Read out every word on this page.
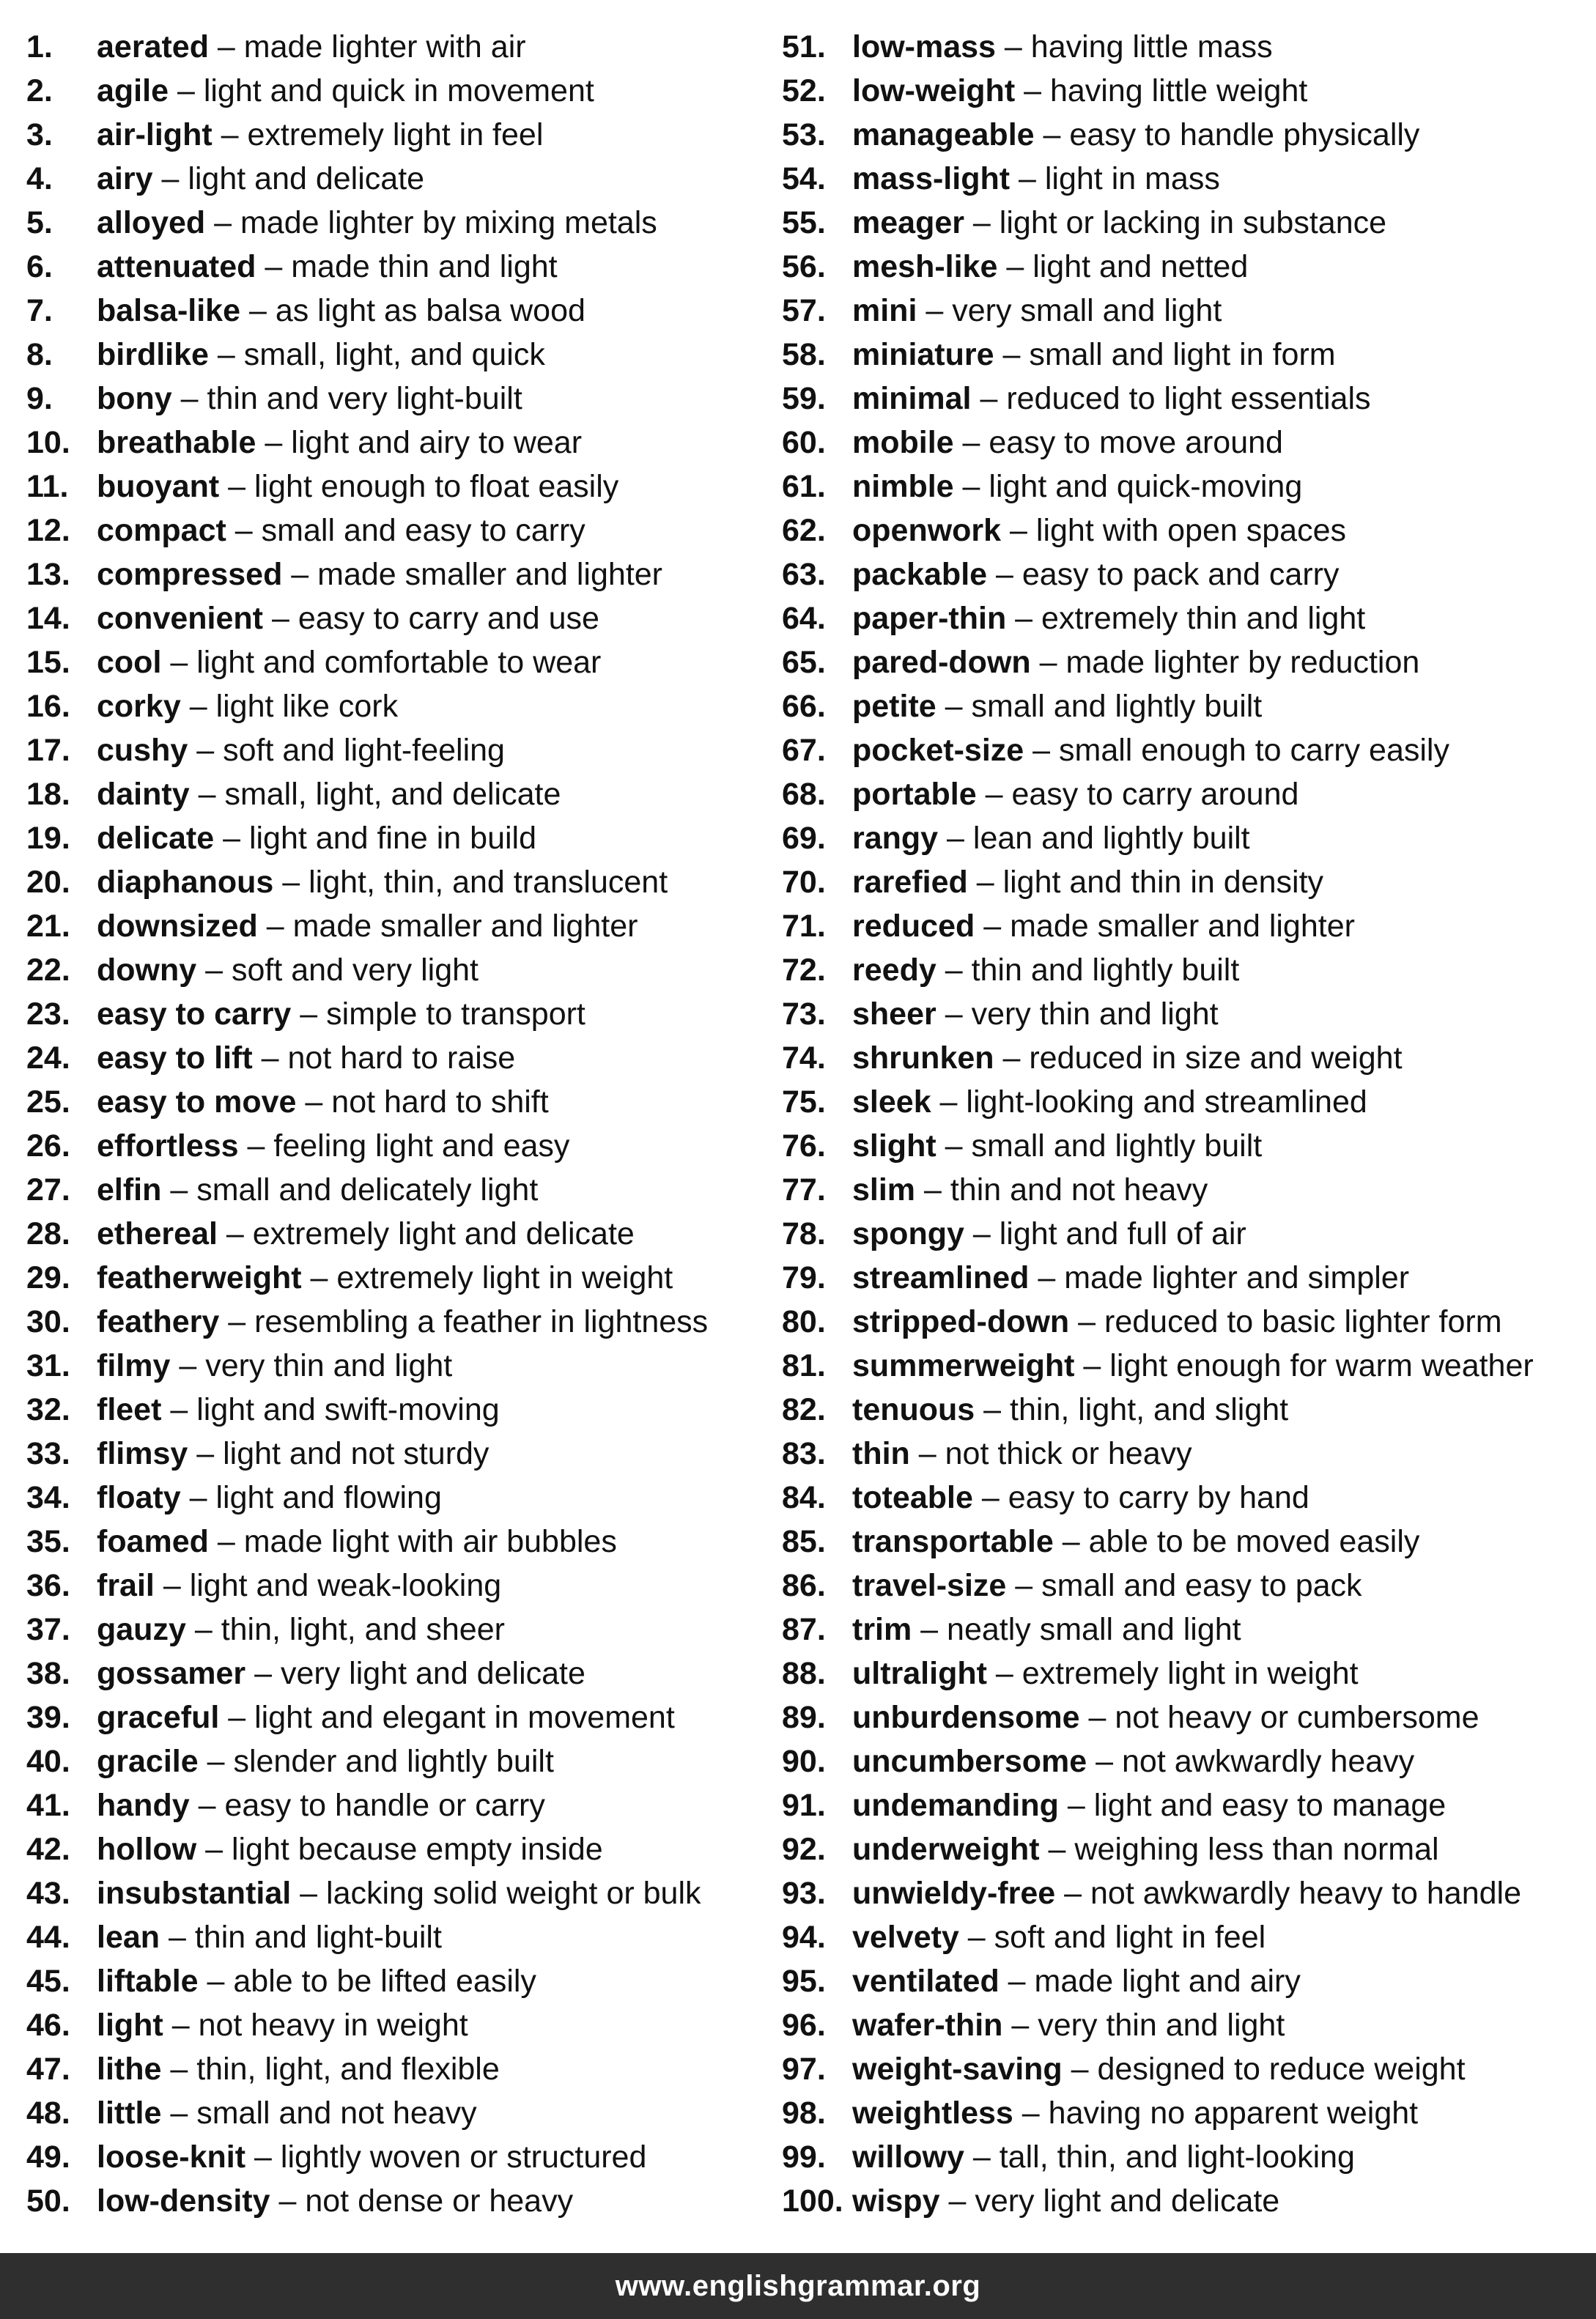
1.	aerated – made lighter with air
2.	agile – light and quick in movement
3.	air-light – extremely light in feel
4.	airy – light and delicate
5.	alloyed – made lighter by mixing metals
6.	attenuated – made thin and light
7.	balsa-like – as light as balsa wood
8.	birdlike – small, light, and quick
9.	bony – thin and very light-built
10. breathable – light and airy to wear
11. buoyant – light enough to float easily
12. compact – small and easy to carry
13. compressed – made smaller and lighter
14. convenient – easy to carry and use
15. cool – light and comfortable to wear
16. corky – light like cork
17. cushy – soft and light-feeling
18. dainty – small, light, and delicate
19. delicate – light and fine in build
20. diaphanous – light, thin, and translucent
21. downsized – made smaller and lighter
22. downy – soft and very light
23. easy to carry – simple to transport
24. easy to lift – not hard to raise
25. easy to move – not hard to shift
26. effortless – feeling light and easy
27. elfin – small and delicately light
28. ethereal – extremely light and delicate
29. featherweight – extremely light in weight
30. feathery – resembling a feather in lightness
31. filmy – very thin and light
32. fleet – light and swift-moving
33. flimsy – light and not sturdy
34. floaty – light and flowing
35. foamed – made light with air bubbles
36. frail – light and weak-looking
37. gauzy – thin, light, and sheer
38. gossamer – very light and delicate
39. graceful – light and elegant in movement
40. gracile – slender and lightly built
41. handy – easy to handle or carry
42. hollow – light because empty inside
43. insubstantial – lacking solid weight or bulk
44. lean – thin and light-built
45. liftable – able to be lifted easily
46. light – not heavy in weight
47. lithe – thin, light, and flexible
48. little – small and not heavy
49. loose-knit – lightly woven or structured
50. low-density – not dense or heavy
51. low-mass – having little mass
52. low-weight – having little weight
53. manageable – easy to handle physically
54. mass-light – light in mass
55. meager – light or lacking in substance
56. mesh-like – light and netted
57. mini – very small and light
58. miniature – small and light in form
59. minimal – reduced to light essentials
60. mobile – easy to move around
61. nimble – light and quick-moving
62. openwork – light with open spaces
63. packable – easy to pack and carry
64. paper-thin – extremely thin and light
65. pared-down – made lighter by reduction
66. petite – small and lightly built
67. pocket-size – small enough to carry easily
68. portable – easy to carry around
69. rangy – lean and lightly built
70. rarefied – light and thin in density
71. reduced – made smaller and lighter
72. reedy – thin and lightly built
73. sheer – very thin and light
74. shrunken – reduced in size and weight
75. sleek – light-looking and streamlined
76. slight – small and lightly built
77. slim – thin and not heavy
78. spongy – light and full of air
79. streamlined – made lighter and simpler
80. stripped-down – reduced to basic lighter form
81. summerweight – light enough for warm weather
82. tenuous – thin, light, and slight
83. thin – not thick or heavy
84. toteable – easy to carry by hand
85. transportable – able to be moved easily
86. travel-size – small and easy to pack
87. trim – neatly small and light
88. ultralight – extremely light in weight
89. unburdensome – not heavy or cumbersome
90. uncumbersome – not awkwardly heavy
91. undemanding – light and easy to manage
92. underweight – weighing less than normal
93. unwieldy-free – not awkwardly heavy to handle
94. velvety – soft and light in feel
95. ventilated – made light and airy
96. wafer-thin – very thin and light
97. weight-saving – designed to reduce weight
98. weightless – having no apparent weight
99. willowy – tall, thin, and light-looking
100. wispy – very light and delicate
www.englishgrammar.org
